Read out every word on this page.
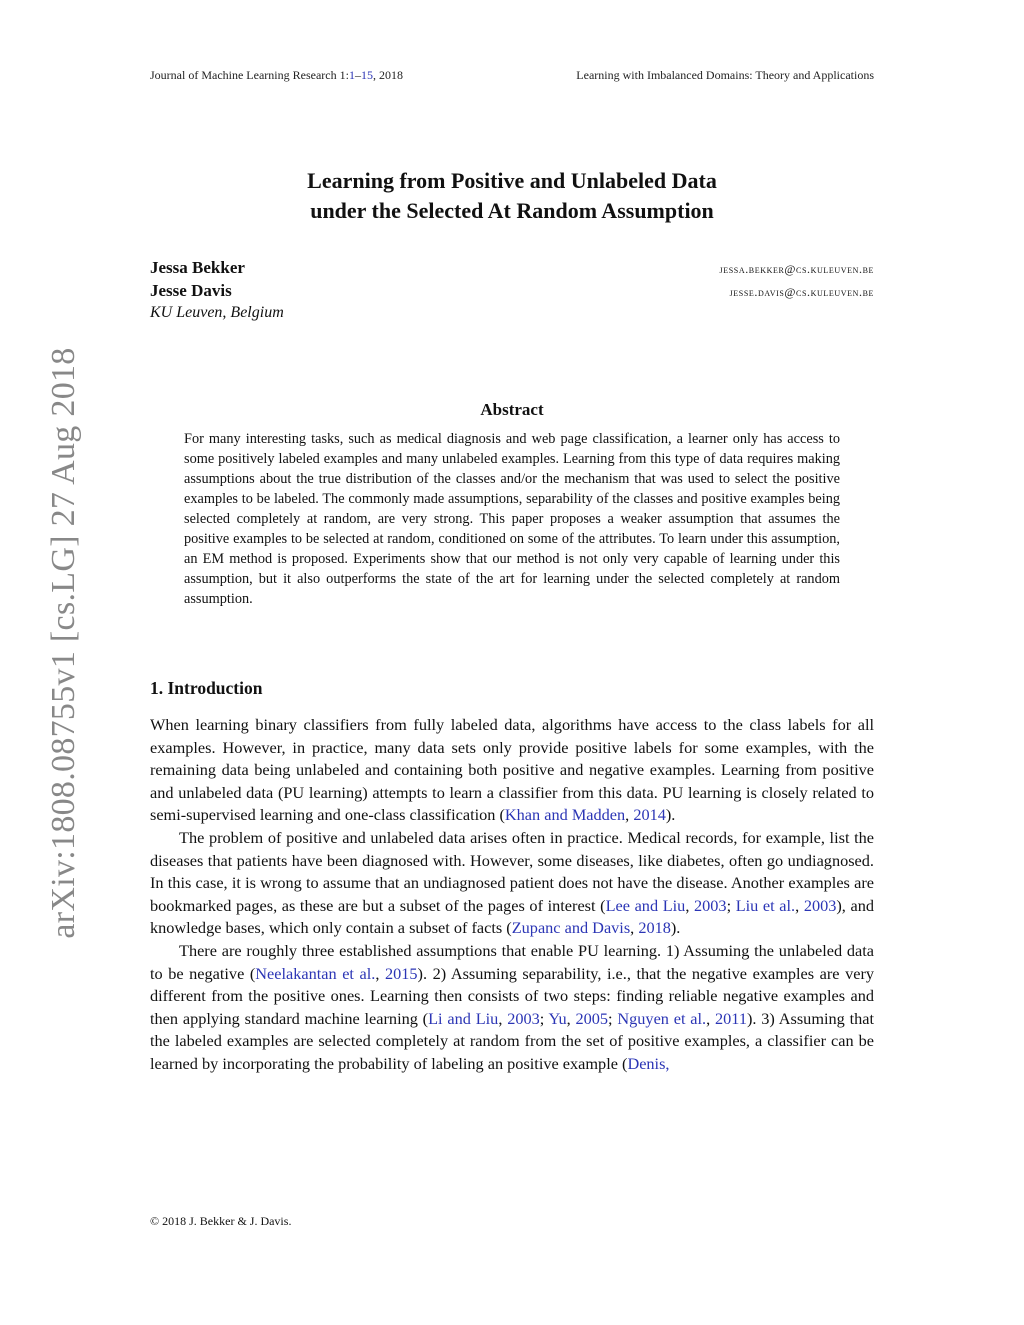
Journal of Machine Learning Research 1:1–15, 2018	Learning with Imbalanced Domains: Theory and Applications
Learning from Positive and Unlabeled Data
under the Selected At Random Assumption
Jessa Bekker	jessa.bekker@cs.kuleuven.be
Jesse Davis	jesse.davis@cs.kuleuven.be
KU Leuven, Belgium
arXiv:1808.08755v1 [cs.LG] 27 Aug 2018	Abstract
For many interesting tasks, such as medical diagnosis and web page classification, a learner only has access to some positively labeled examples and many unlabeled examples. Learning from this type of data requires making assumptions about the true distribution of the classes and/or the mechanism that was used to select the positive examples to be labeled. The commonly made assumptions, separability of the classes and positive examples being selected completely at random, are very strong. This paper proposes a weaker assumption that assumes the positive examples to be selected at random, conditioned on some of the attributes. To learn under this assumption, an EM method is proposed. Experiments show that our method is not only very capable of learning under this assumption, but it also outperforms the state of the art for learning under the selected completely at random assumption.
1. Introduction

When learning binary classifiers from fully labeled data, algorithms have access to the class labels for all examples. However, in practice, many data sets only provide positive labels for some examples, with the remaining data being unlabeled and containing both positive and negative examples. Learning from positive and unlabeled data (PU learning) attempts to learn a classifier from this data. PU learning is closely related to semi-supervised learning and one-class classification (Khan and Madden, 2014).

The problem of positive and unlabeled data arises often in practice. Medical records, for example, list the diseases that patients have been diagnosed with. However, some diseases, like diabetes, often go undiagnosed. In this case, it is wrong to assume that an undiagnosed patient does not have the disease. Another examples are bookmarked pages, as these are but a subset of the pages of interest (Lee and Liu, 2003; Liu et al., 2003), and knowledge bases, which only contain a subset of facts (Zupanc and Davis, 2018).

There are roughly three established assumptions that enable PU learning. 1) Assuming the unlabeled data to be negative (Neelakantan et al., 2015). 2) Assuming separability, i.e., that the negative examples are very different from the positive ones. Learning then consists of two steps: finding reliable negative examples and then applying standard machine learning (Li and Liu, 2003; Yu, 2005; Nguyen et al., 2011). 3) Assuming that the labeled examples are selected completely at random from the set of positive examples, a classifier can be learned by incorporating the probability of labeling an positive example (Denis,

© 2018 J. Bekker & J. Davis.
